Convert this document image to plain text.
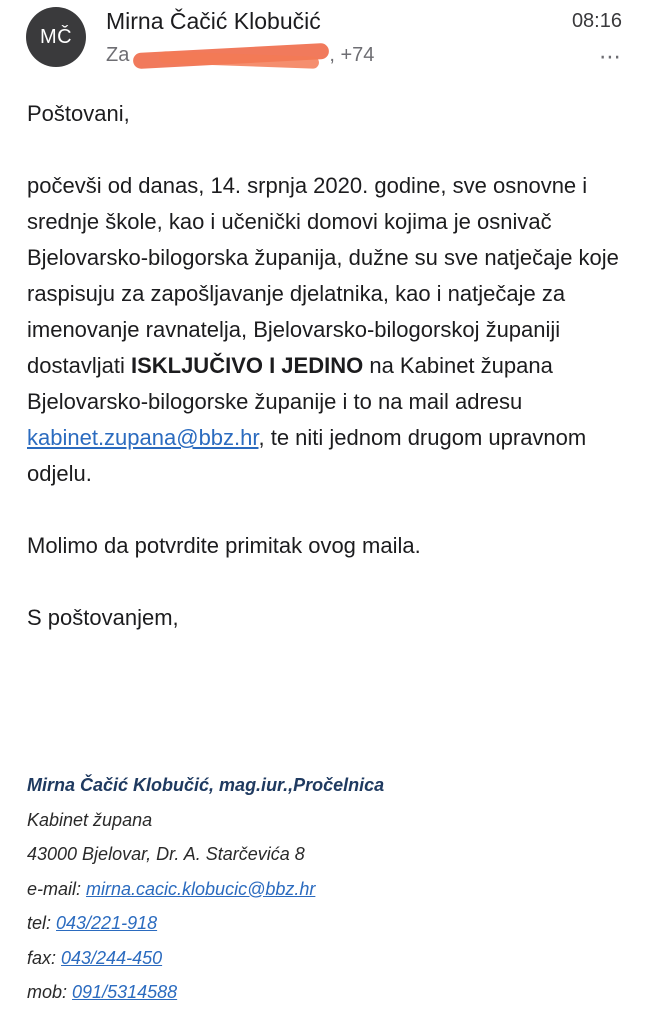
MČ
Mirna Čačić Klobučić	08:16
Za	, +74	⋯

Poštovani,

počevši od danas, 14. srpnja 2020. godine, sve osnovne i srednje škole, kao i učenički domovi kojima je osnivač Bjelovarsko-bilogorska županija, dužne su sve natječaje koje raspisuju za zapošljavanje djelatnika, kao i natječaje za imenovanje ravnatelja, Bjelovarsko-bilogorskoj županiji dostavljati ISKLJUČIVO I JEDINO na Kabinet župana Bjelovarsko-bilogorske županije i to na mail adresu kabinet.zupana@bbz.hr, te niti jednom drugom upravnom odjelu.

Molimo da potvrdite primitak ovog maila.

S poštovanjem,

Mirna Čačić Klobučić, mag.iur.,Pročelnica
Kabinet župana
43000 Bjelovar, Dr. A. Starčevića 8
e-mail: mirna.cacic.klobucic@bbz.hr
tel: 043/221-918
fax: 043/244-450
mob: 091/5314588
